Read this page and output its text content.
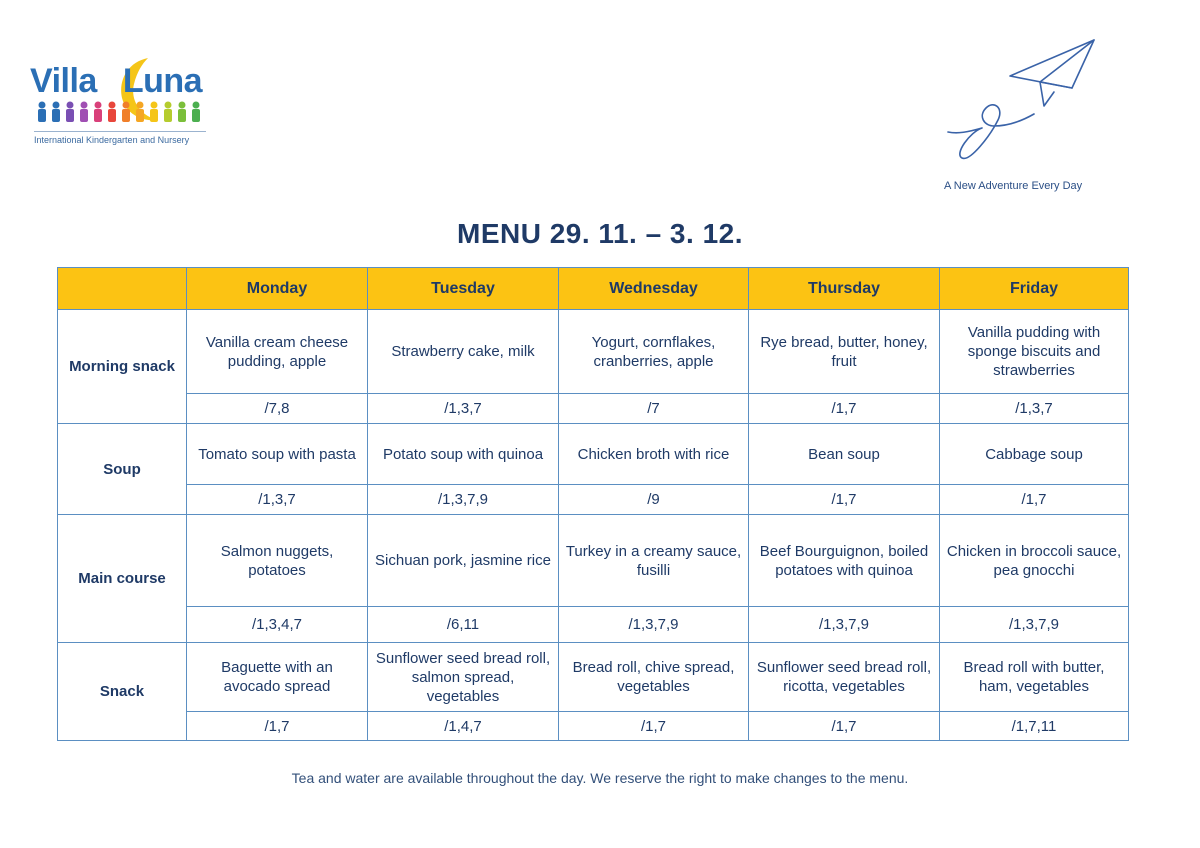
Villa Luna
International Kindergarten and Nursery
A New Adventure Every Day
MENU 29. 11. – 3. 12.
	Monday	Tuesday	Wednesday	Thursday	Friday
Morning snack	Vanilla cream cheese pudding, apple	Strawberry cake, milk	Yogurt, cornflakes, cranberries, apple	Rye bread, butter, honey, fruit	Vanilla pudding with sponge biscuits and strawberries
	/7,8	/1,3,7	/7	/1,7	/1,3,7
Soup	Tomato soup with pasta	Potato soup with quinoa	Chicken broth with rice	Bean soup	Cabbage soup
	/1,3,7	/1,3,7,9	/9	/1,7	/1,7
Main course	Salmon nuggets, potatoes	Sichuan pork, jasmine rice	Turkey in a creamy sauce, fusilli	Beef Bourguignon, boiled potatoes with quinoa	Chicken in broccoli sauce, pea gnocchi
	/1,3,4,7	/6,11	/1,3,7,9	/1,3,7,9	/1,3,7,9
Snack	Baguette with an avocado spread	Sunflower seed bread roll, salmon spread, vegetables	Bread roll, chive spread, vegetables	Sunflower seed bread roll, ricotta, vegetables	Bread roll with butter, ham, vegetables
	/1,7	/1,4,7	/1,7	/1,7	/1,7,11
Tea and water are available throughout the day. We reserve the right to make changes to the menu.
